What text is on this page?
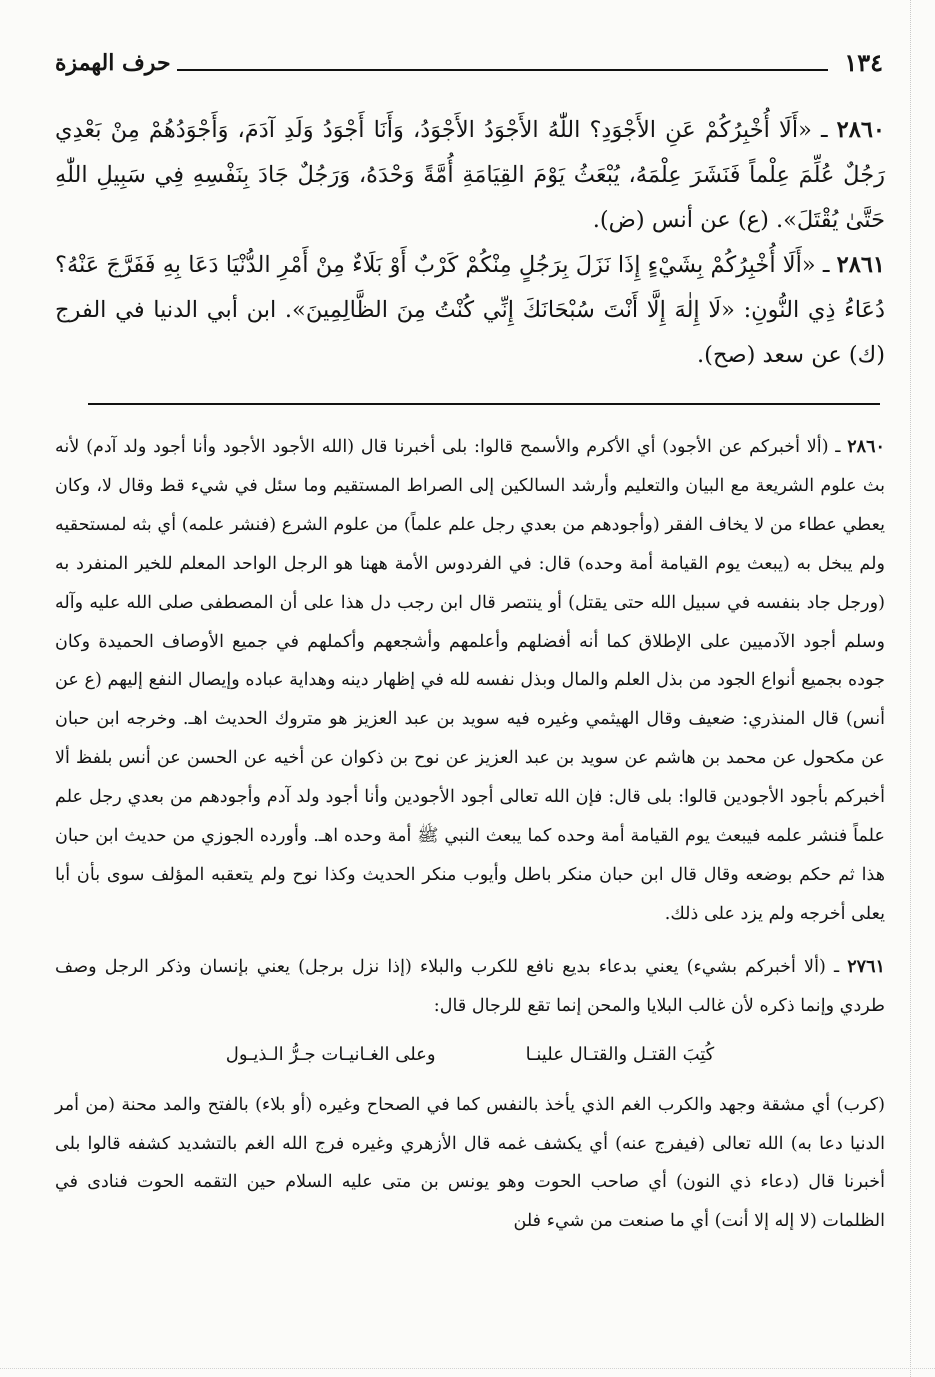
١٣٤
حرف الهمزة

٢٨٦٠ ـ «أَلَا أُخْبِرُكُمْ عَنِ الأَجْوَدِ؟ اللّٰهُ الأَجْوَدُ الأَجْوَدُ، وَأَنَا أَجْوَدُ وَلَدِ آدَمَ، وَأَجْوَدُهُمْ مِنْ بَعْدِي رَجُلٌ عُلِّمَ عِلْماً فَنَشَرَ عِلْمَهُ، يُبْعَثُ يَوْمَ القِيَامَةِ أُمَّةً وَحْدَهُ، وَرَجُلٌ جَادَ بِنَفْسِهِ فِي سَبِيلِ اللّٰهِ حَتَّىٰ يُقْتَلَ». (ع) عن أنس (ض).

٢٨٦١ ـ «أَلَا أُخْبِرُكُمْ بِشَيْءٍ إِذَا نَزَلَ بِرَجُلٍ مِنْكُمْ كَرْبٌ أَوْ بَلَاءٌ مِنْ أَمْرِ الدُّنْيَا دَعَا بِهِ فَفَرَّجَ عَنْهُ؟ دُعَاءُ ذِي النُّونِ: «لَا إِلٰهَ إِلَّا أَنْتَ سُبْحَانَكَ إِنِّي كُنْتُ مِنَ الظَّالِمِينَ». ابن أبي الدنيا في الفرج (ك) عن سعد (صح).

٢٨٦٠ ـ (ألا أخبركم عن الأجود) أي الأكرم والأسمح قالوا: بلى أخبرنا قال (الله الأجود الأجود وأنا أجود ولد آدم) لأنه بث علوم الشريعة مع البيان والتعليم وأرشد السالكين إلى الصراط المستقيم وما سئل في شيء قط وقال لا، وكان يعطي عطاء من لا يخاف الفقر (وأجودهم من بعدي رجل علم علماً) من علوم الشرع (فنشر علمه) أي بثه لمستحقيه ولم يبخل به (يبعث يوم القيامة أمة وحده) قال: في الفردوس الأمة ههنا هو الرجل الواحد المعلم للخير المنفرد به (ورجل جاد بنفسه في سبيل الله حتى يقتل) أو ينتصر قال ابن رجب دل هذا على أن المصطفى صلى الله عليه وآله وسلم أجود الآدميين على الإطلاق كما أنه أفضلهم وأعلمهم وأشجعهم وأكملهم في جميع الأوصاف الحميدة وكان جوده بجميع أنواع الجود من بذل العلم والمال وبذل نفسه لله في إظهار دينه وهداية عباده وإيصال النفع إليهم (ع عن أنس) قال المنذري: ضعيف وقال الهيثمي وغيره فيه سويد بن عبد العزيز هو متروك الحديث اهـ. وخرجه ابن حبان عن مكحول عن محمد بن هاشم عن سويد بن عبد العزيز عن نوح بن ذكوان عن أخيه عن الحسن عن أنس بلفظ ألا أخبركم بأجود الأجودين قالوا: بلى قال: فإن الله تعالى أجود الأجودين وأنا أجود ولد آدم وأجودهم من بعدي رجل علم علماً فنشر علمه فيبعث يوم القيامة أمة وحده كما يبعث النبي ﷺ أمة وحده اهـ. وأورده الجوزي من حديث ابن حبان هذا ثم حكم بوضعه وقال قال ابن حبان منكر باطل وأيوب منكر الحديث وكذا نوح ولم يتعقبه المؤلف سوى بأن أبا يعلى أخرجه ولم يزد على ذلك.

٢٧٦١ ـ (ألا أخبركم بشيء) يعني بدعاء بديع نافع للكرب والبلاء (إذا نزل برجل) يعني بإنسان وذكر الرجل وصف طردي وإنما ذكره لأن غالب البلايا والمحن إنما تقع للرجال قال:

كُتِبَ القتـل والقتـال علينـا
وعلى الغـانيـات جـرُّ الـذيـول

(كرب) أي مشقة وجهد والكرب الغم الذي يأخذ بالنفس كما في الصحاح وغيره (أو بلاء) بالفتح والمد محنة (من أمر الدنيا دعا به) الله تعالى (فيفرج عنه) أي يكشف غمه قال الأزهري وغيره فرج الله الغم بالتشديد كشفه قالوا بلى أخبرنا قال (دعاء ذي النون) أي صاحب الحوت وهو يونس بن متى عليه السلام حين التقمه الحوت فنادى في الظلمات (لا إله إلا أنت) أي ما صنعت من شيء فلن
